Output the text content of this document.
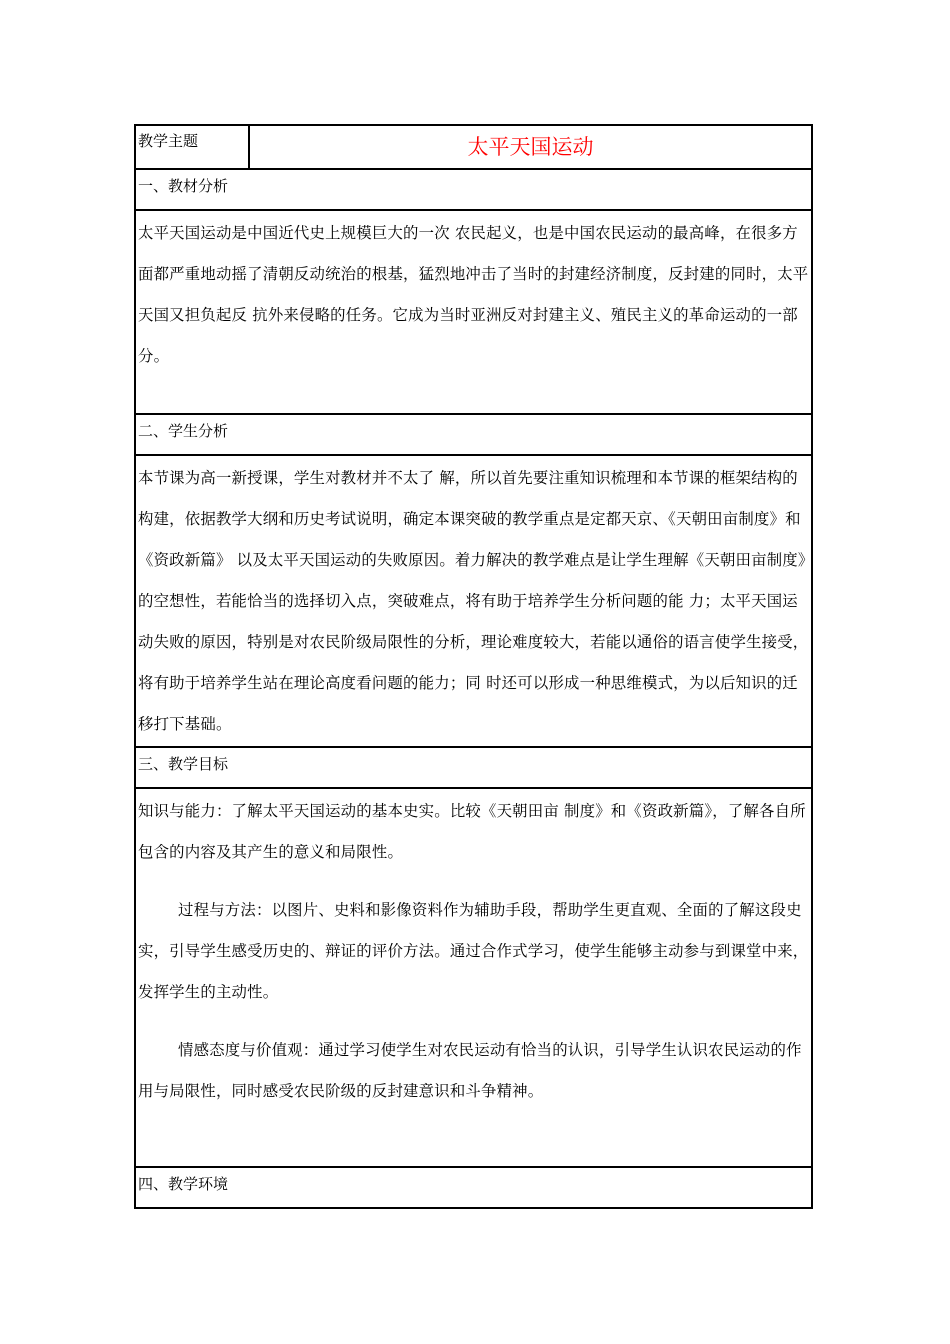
教学主题	太平天国运动
一、教材分析

太平天国运动是中国近代史上规模巨大的一次 农民起义，也是中国农民运动的最高峰，在很多方面都严重地动摇了清朝反动统治的根基，猛烈地冲击了当时的封建经济制度，反封建的同时，太平天国又担负起反 抗外来侵略的任务。它成为当时亚洲反对封建主义、殖民主义的革命运动的一部分。

二、学生分析

本节课为高一新授课，学生对教材并不太了 解，所以首先要注重知识梳理和本节课的框架结构的构建，依据教学大纲和历史考试说明，确定本课突破的教学重点是定都天京、《天朝田亩制度》和《资政新篇》 以及太平天国运动的失败原因。着力解决的教学难点是让学生理解《天朝田亩制度》的空想性，若能恰当的选择切入点，突破难点，将有助于培养学生分析问题的能 力；太平天国运动失败的原因，特别是对农民阶级局限性的分析，理论难度较大，若能以通俗的语言使学生接受，将有助于培养学生站在理论高度看问题的能力；同 时还可以形成一种思维模式，为以后知识的迁移打下基础。

三、教学目标

知识与能力：了解太平天国运动的基本史实。比较《天朝田亩 制度》和《资政新篇》，了解各自所包含的内容及其产生的意义和局限性。

过程与方法：以图片、史料和影像资料作为辅助手段，帮助学生更直观、全面的了解这段史实，引导学生感受历史的、辩证的评价方法。通过合作式学习，使学生能够主动参与到课堂中来，发挥学生的主动性。

情感态度与价值观：通过学习使学生对农民运动有恰当的认识，引导学生认识农民运动的作用与局限性，同时感受农民阶级的反封建意识和斗争精神。

四、教学环境
